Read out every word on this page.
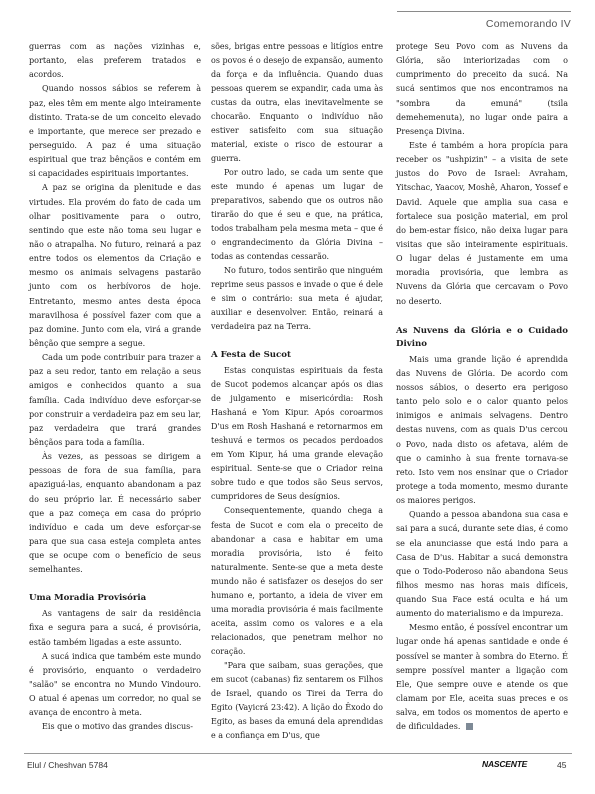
Comemorando IV

guerras com as nações vizinhas e, portanto, elas preferem tratados e acordos.

Quando nossos sábios se referem à paz, eles têm em mente algo inteiramente distinto. Trata-se de um conceito elevado e importante, que merece ser prezado e perseguido. A paz é uma situação espiritual que traz bênçãos e contém em si capacidades espirituais importantes.

A paz se origina da plenitude e das virtudes. Ela provém do fato de cada um olhar positivamente para o outro, sentindo que este não toma seu lugar e não o atrapalha. No futuro, reinará a paz entre todos os elementos da Criação e mesmo os animais selvagens pastarão junto com os herbívoros de hoje. Entretanto, mesmo antes desta época maravilhosa é possível fazer com que a paz domine. Junto com ela, virá a grande bênção que sempre a segue.

Cada um pode contribuir para trazer a paz a seu redor, tanto em relação a seus amigos e conhecidos quanto a sua família. Cada indivíduo deve esforçar-se por construir a verdadeira paz em seu lar, paz verdadeira que trará grandes bênçãos para toda a família.

Às vezes, as pessoas se dirigem a pessoas de fora de sua família, para apaziguá-las, enquanto abandonam a paz do seu próprio lar. É necessário saber que a paz começa em casa do próprio indivíduo e cada um deve esforçar-se para que sua casa esteja completa antes que se ocupe com o benefício de seus semelhantes.

Uma Moradia Provisória

As vantagens de sair da residência fixa e segura para a sucá, é provisória, estão também ligadas a este assunto.

A sucá indica que também este mundo é provisório, enquanto o verdadeiro "salão" se encontra no Mundo Vindouro. O atual é apenas um corredor, no qual se avança de encontro à meta.

Eis que o motivo das grandes discus-

sões, brigas entre pessoas e litígios entre os povos é o desejo de expansão, aumento da força e da influência. Quando duas pessoas querem se expandir, cada uma às custas da outra, elas inevitavelmente se chocarão. Enquanto o indivíduo não estiver satisfeito com sua situação material, existe o risco de estourar a guerra.

Por outro lado, se cada um sente que este mundo é apenas um lugar de preparativos, sabendo que os outros não tirarão do que é seu e que, na prática, todos trabalham pela mesma meta – que é o engrandecimento da Glória Divina – todas as contendas cessarão.

No futuro, todos sentirão que ninguém reprime seus passos e invade o que é dele e sim o contrário: sua meta é ajudar, auxiliar e desenvolver. Então, reinará a verdadeira paz na Terra.

A Festa de Sucot

Estas conquistas espirituais da festa de Sucot podemos alcançar após os dias de julgamento e misericórdia: Rosh Hashaná e Yom Kipur. Após coroarmos D'us em Rosh Hashaná e retornarmos em teshuvá e termos os pecados perdoados em Yom Kipur, há uma grande elevação espiritual. Sente-se que o Criador reina sobre tudo e que todos são Seus servos, cumpridores de Seus desígnios.

Consequentemente, quando chega a festa de Sucot e com ela o preceito de abandonar a casa e habitar em uma moradia provisória, isto é feito naturalmente. Sente-se que a meta deste mundo não é satisfazer os desejos do ser humano e, portanto, a ideia de viver em uma moradia provisória é mais facilmente aceita, assim como os valores e a ela relacionados, que penetram melhor no coração.

"Para que saibam, suas gerações, que em sucot (cabanas) fiz sentarem os Filhos de Israel, quando os Tirei da Terra do Egito (Vayicrá 23:42). A lição do Êxodo do Egito, as bases da emuná dela aprendidas e a confiança em D'us, que

protege Seu Povo com as Nuvens da Glória, são interiorizadas com o cumprimento do preceito da sucá. Na sucá sentimos que nos encontramos na "sombra da emuná" (tsila demehemenuta), no lugar onde paira a Presença Divina.

Este é também a hora propícia para receber os "ushpizin" – a visita de sete justos do Povo de Israel: Avraham, Yitschac, Yaacov, Moshê, Aharon, Yossef e David. Aquele que amplia sua casa e fortalece sua posição material, em prol do bem-estar físico, não deixa lugar para visitas que são inteiramente espirituais. O lugar delas é justamente em uma moradia provisória, que lembra as Nuvens da Glória que cercavam o Povo no deserto.

As Nuvens da Glória e o Cuidado Divino

Mais uma grande lição é aprendida das Nuvens de Glória. De acordo com nossos sábios, o deserto era perigoso tanto pelo solo e o calor quanto pelos inimigos e animais selvagens. Dentro destas nuvens, com as quais D'us cercou o Povo, nada disto os afetava, além de que o caminho à sua frente tornava-se reto. Isto vem nos ensinar que o Criador protege a toda momento, mesmo durante os maiores perigos.

Quando a pessoa abandona sua casa e sai para a sucá, durante sete dias, é como se ela anunciasse que está indo para a Casa de D'us. Habitar a sucá demonstra que o Todo-Poderoso não abandona Seus filhos mesmo nas horas mais difíceis, quando Sua Face está oculta e há um aumento do materialismo e da impureza.

Mesmo então, é possível encontrar um lugar onde há apenas santidade e onde é possível se manter à sombra do Eterno. É sempre possível manter a ligação com Ele, Que sempre ouve e atende os que clamam por Ele, aceita suas preces e os salva, em todos os momentos de aperto e de dificuldades.

Elul / Cheshvan 5784	NASCENTE	45
